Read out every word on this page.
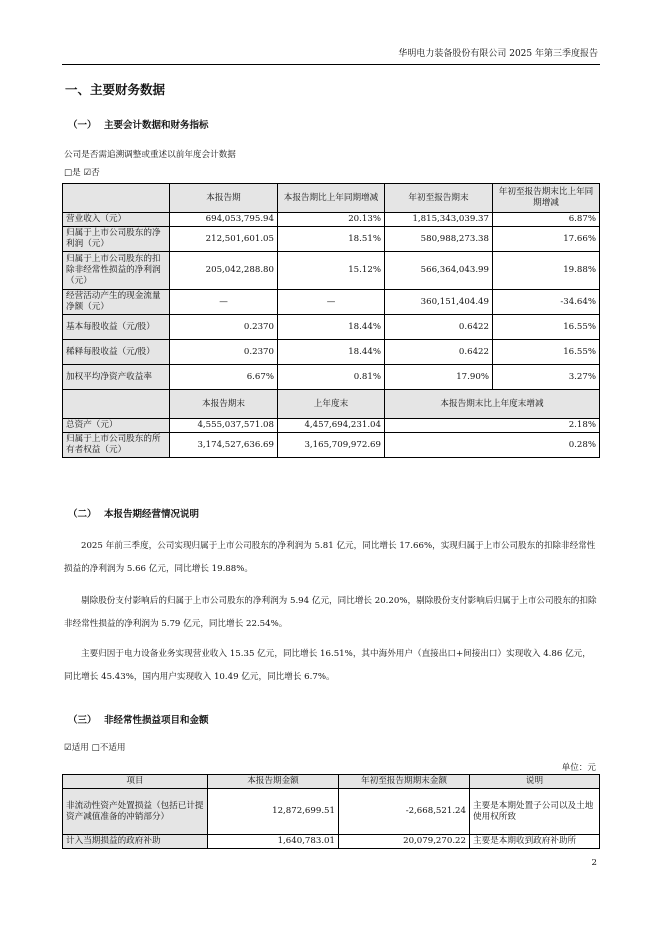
华明电力装备股份有限公司 2025 年第三季度报告
一、主要财务数据
（一） 主要会计数据和财务指标
公司是否需追溯调整或重述以前年度会计数据
□是 ☑否
	本报告期	本报告期比上年同期增减	年初至报告期末	年初至报告期末比上年同期增减
营业收入（元）	694,053,795.94	20.13%	1,815,343,039.37	6.87%
归属于上市公司股东的净利润（元）	212,501,601.05	18.51%	580,988,273.38	17.66%
归属于上市公司股东的扣除非经常性损益的净利润（元）	205,042,288.80	15.12%	566,364,043.99	19.88%
经营活动产生的现金流量净额（元）	—	—	360,151,404.49	-34.64%
基本每股收益（元/股）	0.2370	18.44%	0.6422	16.55%
稀释每股收益（元/股）	0.2370	18.44%	0.6422	16.55%
加权平均净资产收益率	6.67%	0.81%	17.90%	3.27%
	本报告期末	上年度末	本报告期末比上年度末增减	
总资产（元）	4,555,037,571.08	4,457,694,231.04	2.18%	
归属于上市公司股东的所有者权益（元）	3,174,527,636.69	3,165,709,972.69	0.28%	
（二） 本报告期经营情况说明

2025 年前三季度，公司实现归属于上市公司股东的净利润为 5.81 亿元，同比增长 17.66%，实现归属于上市公司股东的扣除非经常性损益的净利润为 5.66 亿元，同比增长 19.88%。

剔除股份支付影响后的归属于上市公司股东的净利润为 5.94 亿元，同比增长 20.20%，剔除股份支付影响后归属于上市公司股东的扣除非经常性损益的净利润为 5.79 亿元，同比增长 22.54%。

主要归因于电力设备业务实现营业收入 15.35 亿元，同比增长 16.51%，其中海外用户（直接出口+间接出口）实现收入 4.86 亿元，同比增长 45.43%，国内用户实现收入 10.49 亿元，同比增长 6.7%。

（三） 非经常性损益项目和金额
☑适用 □不适用
单位：元
项目	本报告期金额	年初至报告期期末金额	说明
非流动性资产处置损益（包括已计提资产减值准备的冲销部分）	12,872,699.51	-2,668,521.24	主要是本期处置子公司以及土地使用权所致
计入当期损益的政府补助	1,640,783.01	20,079,270.22	主要是本期收到政府补助所
2
